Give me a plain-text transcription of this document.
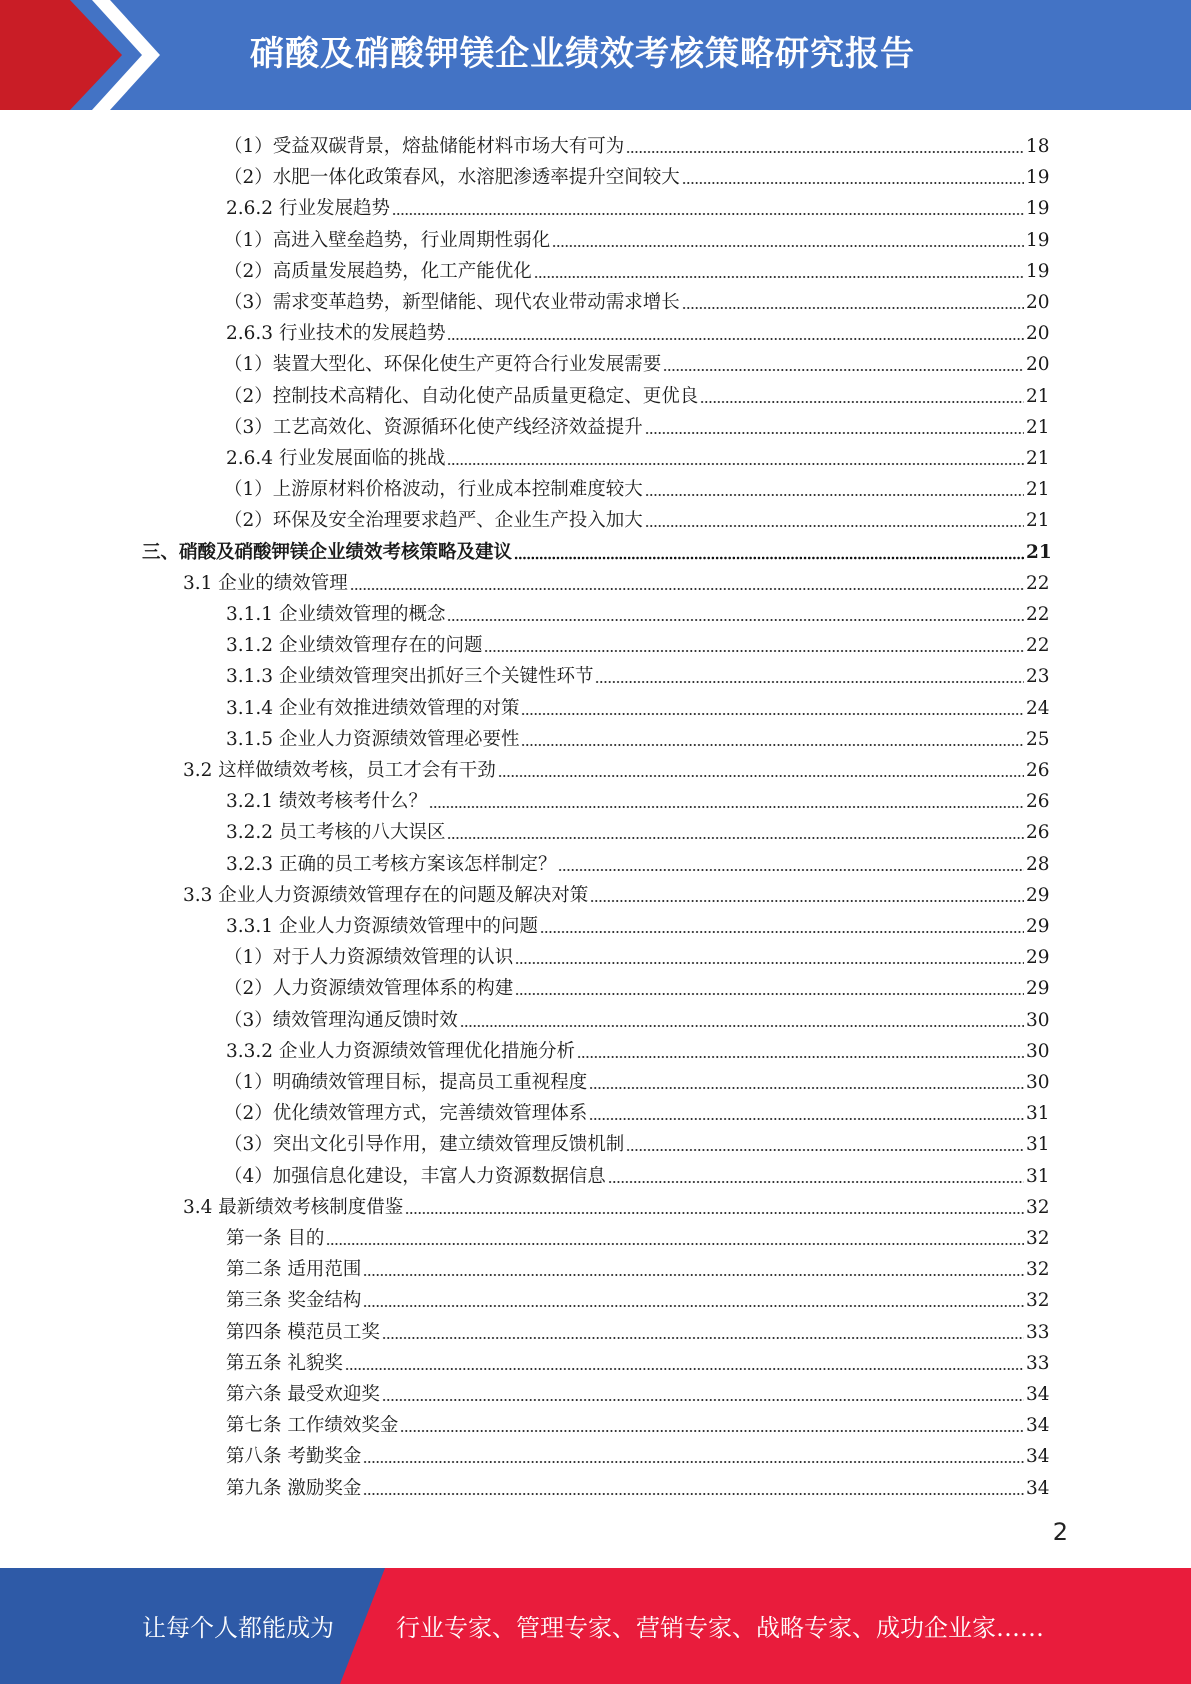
硝酸及硝酸钾镁企业绩效考核策略研究报告
（1）受益双碳背景，熔盐储能材料市场大有可为	18
（2）水肥一体化政策春风，水溶肥渗透率提升空间较大	19
2.6.2 行业发展趋势	19
（1）高进入壁垒趋势，行业周期性弱化	19
（2）高质量发展趋势，化工产能优化	19
（3）需求变革趋势，新型储能、现代农业带动需求增长	20
2.6.3 行业技术的发展趋势	20
（1）装置大型化、环保化使生产更符合行业发展需要	20
（2）控制技术高精化、自动化使产品质量更稳定、更优良	21
（3）工艺高效化、资源循环化使产线经济效益提升	21
2.6.4 行业发展面临的挑战	21
（1）上游原材料价格波动，行业成本控制难度较大	21
（2）环保及安全治理要求趋严、企业生产投入加大	21
三、硝酸及硝酸钾镁企业绩效考核策略及建议	21
3.1 企业的绩效管理	22
3.1.1 企业绩效管理的概念	22
3.1.2 企业绩效管理存在的问题	22
3.1.3 企业绩效管理突出抓好三个关键性环节	23
3.1.4 企业有效推进绩效管理的对策	24
3.1.5 企业人力资源绩效管理必要性	25
3.2 这样做绩效考核，员工才会有干劲	26
3.2.1 绩效考核考什么？	26
3.2.2 员工考核的八大误区	26
3.2.3 正确的员工考核方案该怎样制定？	28
3.3 企业人力资源绩效管理存在的问题及解决对策	29
3.3.1 企业人力资源绩效管理中的问题	29
（1）对于人力资源绩效管理的认识	29
（2）人力资源绩效管理体系的构建	29
（3）绩效管理沟通反馈时效	30
3.3.2 企业人力资源绩效管理优化措施分析	30
（1）明确绩效管理目标，提高员工重视程度	30
（2）优化绩效管理方式，完善绩效管理体系	31
（3）突出文化引导作用，建立绩效管理反馈机制	31
（4）加强信息化建设，丰富人力资源数据信息	31
3.4 最新绩效考核制度借鉴	32
第一条 目的	32
第二条 适用范围	32
第三条 奖金结构	32
第四条 模范员工奖	33
第五条 礼貌奖	33
第六条 最受欢迎奖	34
第七条 工作绩效奖金	34
第八条 考勤奖金	34
第九条 激励奖金	34
2
让每个人都能成为	行业专家、管理专家、营销专家、战略专家、成功企业家……
